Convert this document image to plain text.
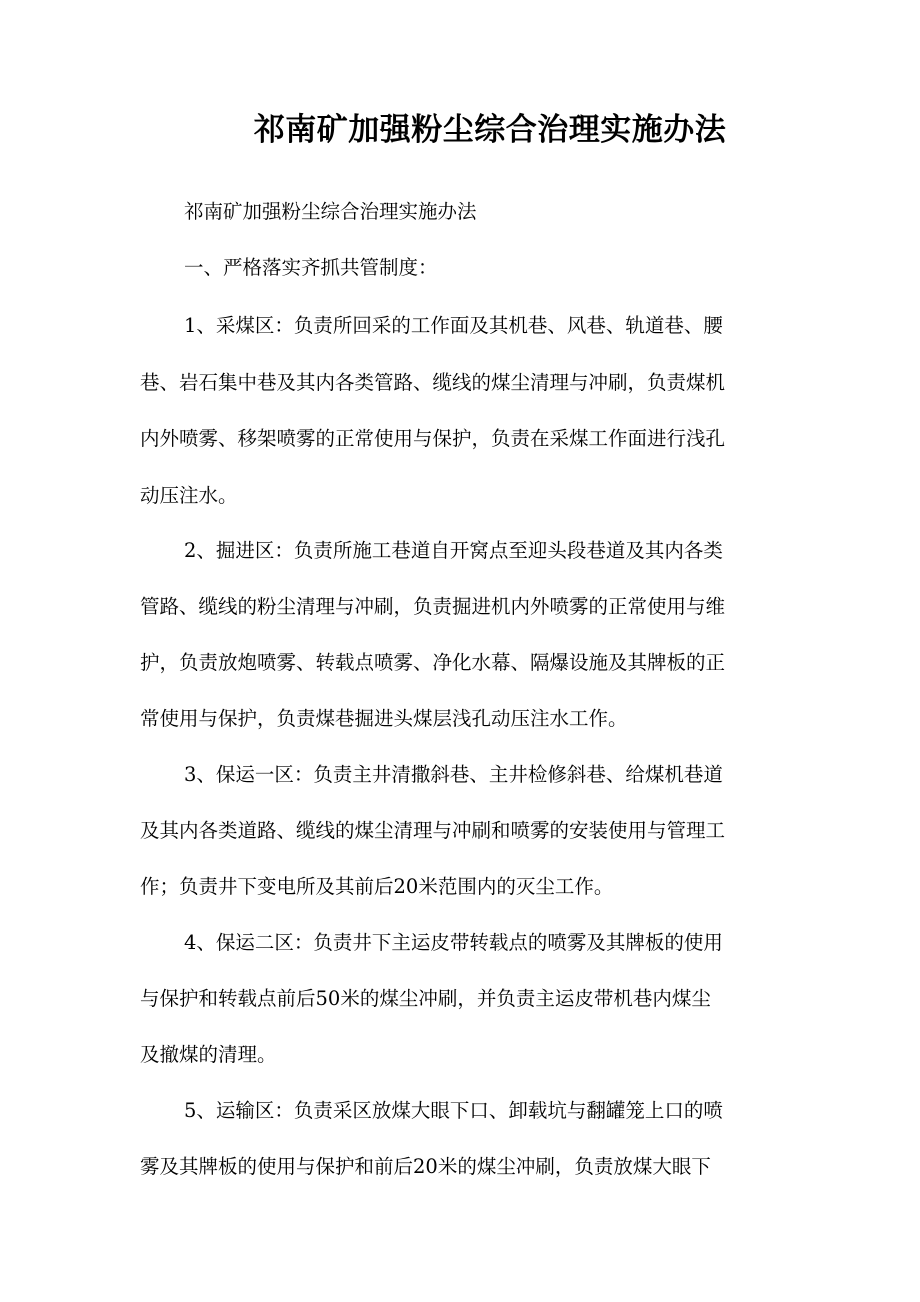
祁南矿加强粉尘综合治理实施办法

祁南矿加强粉尘综合治理实施办法

一、严格落实齐抓共管制度：

1、采煤区：负责所回采的工作面及其机巷、风巷、轨道巷、腰

巷、岩石集中巷及其内各类管路、缆线的煤尘清理与冲刷，负责煤机

内外喷雾、移架喷雾的正常使用与保护，负责在采煤工作面进行浅孔

动压注水。

2、掘进区：负责所施工巷道自开窝点至迎头段巷道及其内各类

管路、缆线的粉尘清理与冲刷，负责掘进机内外喷雾的正常使用与维

护，负责放炮喷雾、转载点喷雾、净化水幕、隔爆设施及其牌板的正

常使用与保护，负责煤巷掘进头煤层浅孔动压注水工作。

3、保运一区：负责主井清撒斜巷、主井检修斜巷、给煤机巷道

及其内各类道路、缆线的煤尘清理与冲刷和喷雾的安装使用与管理工

作；负责井下变电所及其前后20米范围内的灭尘工作。

4、保运二区：负责井下主运皮带转载点的喷雾及其牌板的使用

与保护和转载点前后50米的煤尘冲刷，并负责主运皮带机巷内煤尘

及撤煤的清理。

5、运输区：负责采区放煤大眼下口、卸载坑与翻罐笼上口的喷

雾及其牌板的使用与保护和前后20米的煤尘冲刷，负责放煤大眼下
